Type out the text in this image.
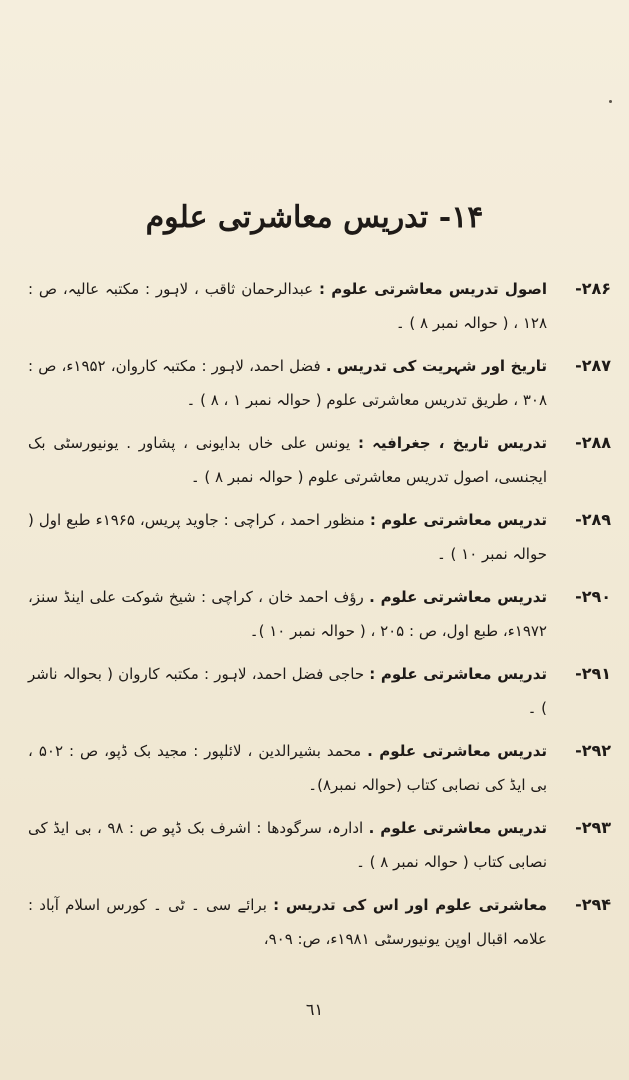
۱۴- تدریس معاشرتی علوم
-۲۸۶
اصول تدریس معاشرتی علوم : عبدالرحمان ثاقب ، لاہور : مکتبہ عالیہ، ص : ۱۲۸ ، ( حوالہ نمبر ۸ ) ۔
-۲۸۷
تاریخ اور شہریت کی تدریس . فضل احمد، لاہور : مکتبہ کاروان، ۱۹۵۲ء، ص : ۳۰۸ ، طریق تدریس معاشرتی علوم ( حوالہ نمبر ۱ ، ۸ ) ۔
-۲۸۸
تدریس تاریخ ، جغرافیہ : یونس علی خاں بدایونی ، پشاور . یونیورسٹی بک ایجنسی، اصول تدریس معاشرتی علوم ( حوالہ نمبر ۸ ) ۔
-۲۸۹
تدریس معاشرتی علوم : منظور احمد ، کراچی : جاوید پریس، ۱۹۶۵ء طبع اول ( حوالہ نمبر ۱۰ ) ۔
-۲۹۰
تدریس معاشرتی علوم . رؤف احمد خان ، کراچی : شیخ شوکت علی اینڈ سنز، ۱۹۷۲ء، طبع اول، ص : ۲۰۵ ، ( حوالہ نمبر ۱۰ )۔
-۲۹۱
تدریس معاشرتی علوم : حاجی فضل احمد، لاہور : مکتبہ کاروان ( بحوالہ ناشر ) ۔
-۲۹۲
تدریس معاشرتی علوم . محمد بشیرالدین ، لائلپور : مجید بک ڈپو، ص : ۵۰۲ ، بی ایڈ کی نصابی کتاب (حوالہ نمبر۸)۔
-۲۹۳
تدریس معاشرتی علوم . ادارہ، سرگودھا : اشرف بک ڈپو ص : ۹۸ ، بی ایڈ کی نصابی کتاب ( حوالہ نمبر ۸ ) ۔
-۲۹۴
معاشرتی علوم اور اس کی تدریس : برائے سی ۔ ٹی ۔ کورس اسلام آباد : علامہ اقبال اوپن یونیورسٹی ۱۹۸۱ء، ص: ۹۰۹،
٦١
